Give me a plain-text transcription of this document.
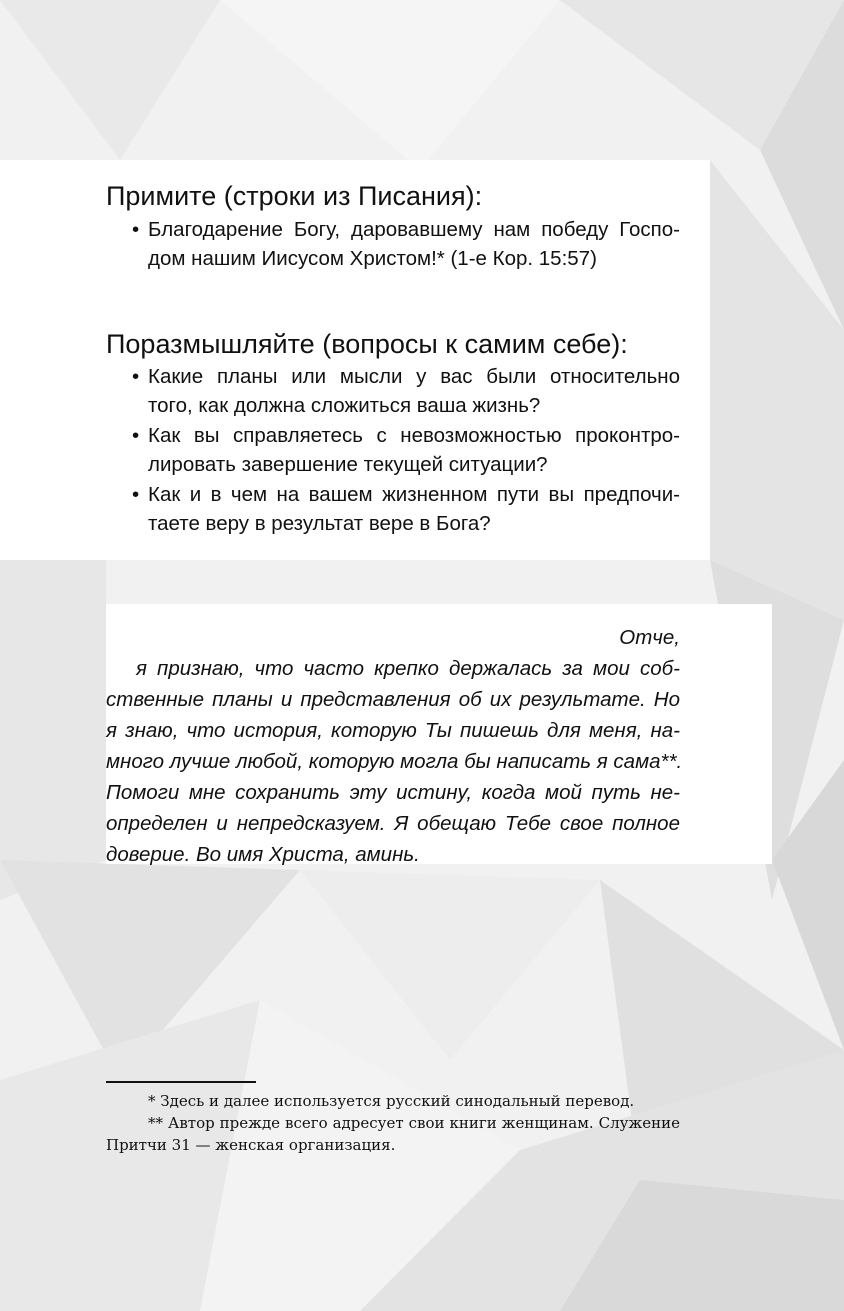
Примите (строки из Писания):
• Благодарение Богу, даровавшему нам победу Госпо-
дом нашим Иисусом Христом!* (1-е Кор. 15:57)
Поразмышляйте (вопросы к самим себе):
• Какие планы или мысли у вас были относительно
того, как должна сложиться ваша жизнь?
• Как вы справляетесь с невозможностью проконтро-
лировать завершение текущей ситуации?
• Как и в чем на вашем жизненном пути вы предпочи-
таете веру в результат вере в Бога?
Отче,
я признаю, что часто крепко держалась за мои соб-
ственные планы и представления об их результате. Но
я знаю, что история, которую Ты пишешь для меня, на-
много лучше любой, которую могла бы написать я сама**.
Помоги мне сохранить эту истину, когда мой путь не-
определен и непредсказуем. Я обещаю Тебе свое полное
доверие. Во имя Христа, аминь.
* Здесь и далее используется русский синодальный перевод.
** Автор прежде всего адресует свои книги женщинам. Служение
Притчи 31 — женская организация.
